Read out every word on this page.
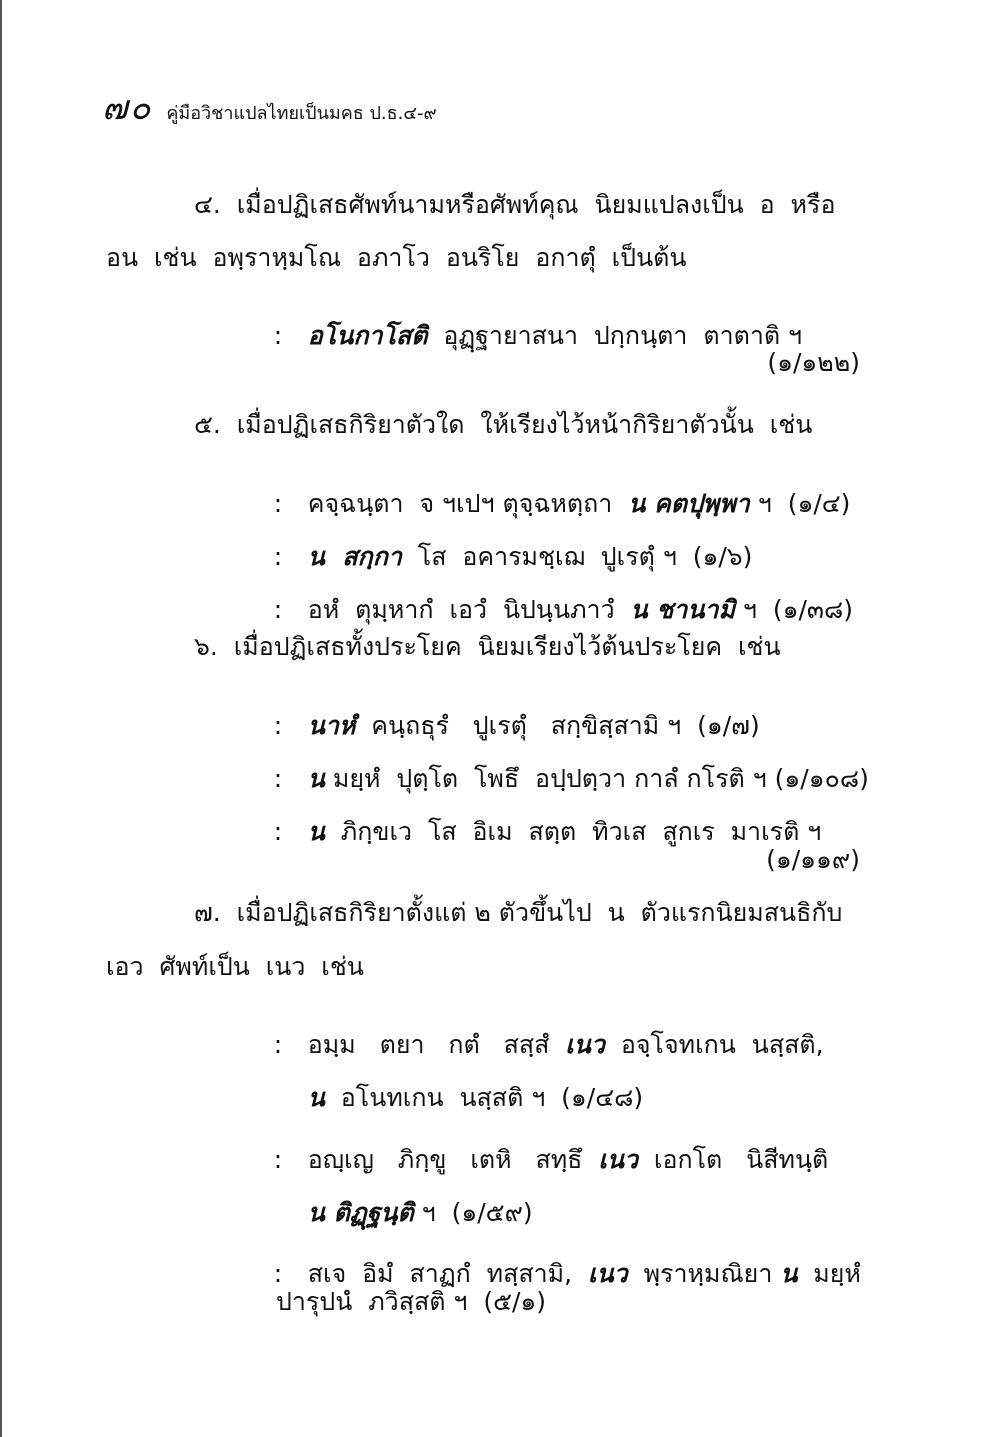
๗๐ คู่มือวิชาแปลไทยเป็นมคธ ป.ธ.๔-๙
๔.  เมื่อปฏิเสธศัพท์นามหรือศัพท์คุณ  นิยมแปลงเป็น  อ  หรือ
อน  เช่น  อพฺราหฺมโณ  อภาโว  อนริโย  อกาตุํ  เป็นต้น

: อโนกาโสติ  อุฏฺฐายาสนา  ปกฺกนฺตา  ตาตาติ ฯ

(๑/๑๒๒)
๕.  เมื่อปฏิเสธกิริยาตัวใด  ให้เรียงไว้หน้ากิริยาตัวนั้น  เช่น

: คจฺฉนฺตา  จ ฯเปฯ ตุจฺฉหตฺถา  น คตปุพฺพา ฯ  (๑/๔)

: น  สกฺกา  โส  อคารมชฺเฌ  ปูเรตุํ ฯ  (๑/๖)

: อหํ  ตุมฺหากํ  เอวํ  นิปนฺนภาวํ  น ชานามิ ฯ  (๑/๓๘)

๖.  เมื่อปฏิเสธทั้งประโยค  นิยมเรียงไว้ต้นประโยค  เช่น

: นาหํ  คนฺถธุรํ   ปูเรตุํ   สกฺขิสฺสามิ ฯ  (๑/๗)

: น มยฺหํ  ปุตฺโต  โพธึ  อปฺปตฺวา กาลํ กโรติ ฯ (๑/๑๐๘)

: น  ภิกฺขเว  โส  อิเม  สตฺต  ทิวเส  สูกเร  มาเรติ ฯ

(๑/๑๑๙)
๗.  เมื่อปฏิเสธกิริยาตั้งแต่ ๒ ตัวขึ้นไป  น  ตัวแรกนิยมสนธิกับ
เอว  ศัพท์เป็น  เนว  เช่น

: อมฺม   ตยา   กตํ   สสฺสํ  เนว  อจฺโจทเกน  นสฺสติ,

น  อโนทเกน  นสฺสติ ฯ  (๑/๔๘)

: อญฺเญ   ภิกฺขู   เตหิ   สทฺธึ  เนว  เอกโต   นิสีทนฺติ

น ติฏฺฐนฺติ ฯ  (๑/๕๙)

: สเจ  อิมํ  สาฏกํ  ทสฺสามิ,  เนว  พฺราหฺมณิยา น  มยฺหํ

ปารุปนํ  ภวิสฺสติ ฯ  (๕/๑)
